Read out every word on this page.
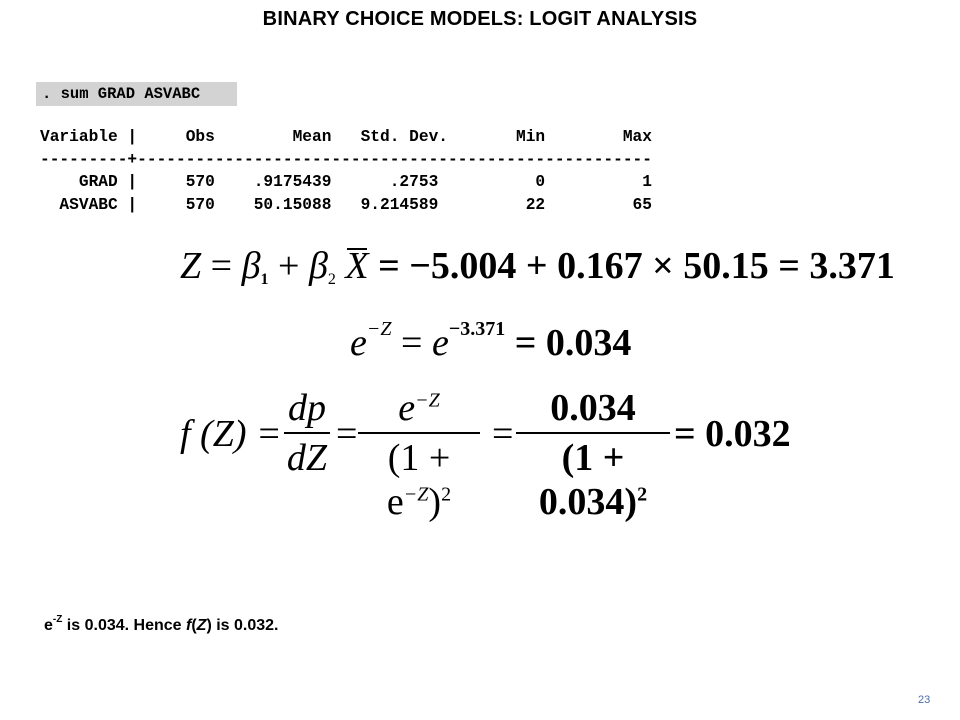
BINARY CHOICE MODELS: LOGIT ANALYSIS
. sum GRAD ASVABC
Variable |     Obs        Mean   Std. Dev.       Min        Max
---------+-----------------------------------------------------
GRAD |     570    .9175439      .2753          0          1
ASVABC |     570    50.15088   9.214589         22         65
$Z = \beta_1 + \beta_2$ X = −5.004 + 0.167 × 50.15 = 3.371
$e^{-Z} = e^{-3.371} = 0.034$
f (Z) =
dp
dZ
=
$e^{-Z}$
$(1 + e^{-Z})^2$
=
0.034
$(1 + 0.034)^2$
= 0.032
$e^{-Z}$ is 0.034. Hence f(Z) is 0.032.
23
